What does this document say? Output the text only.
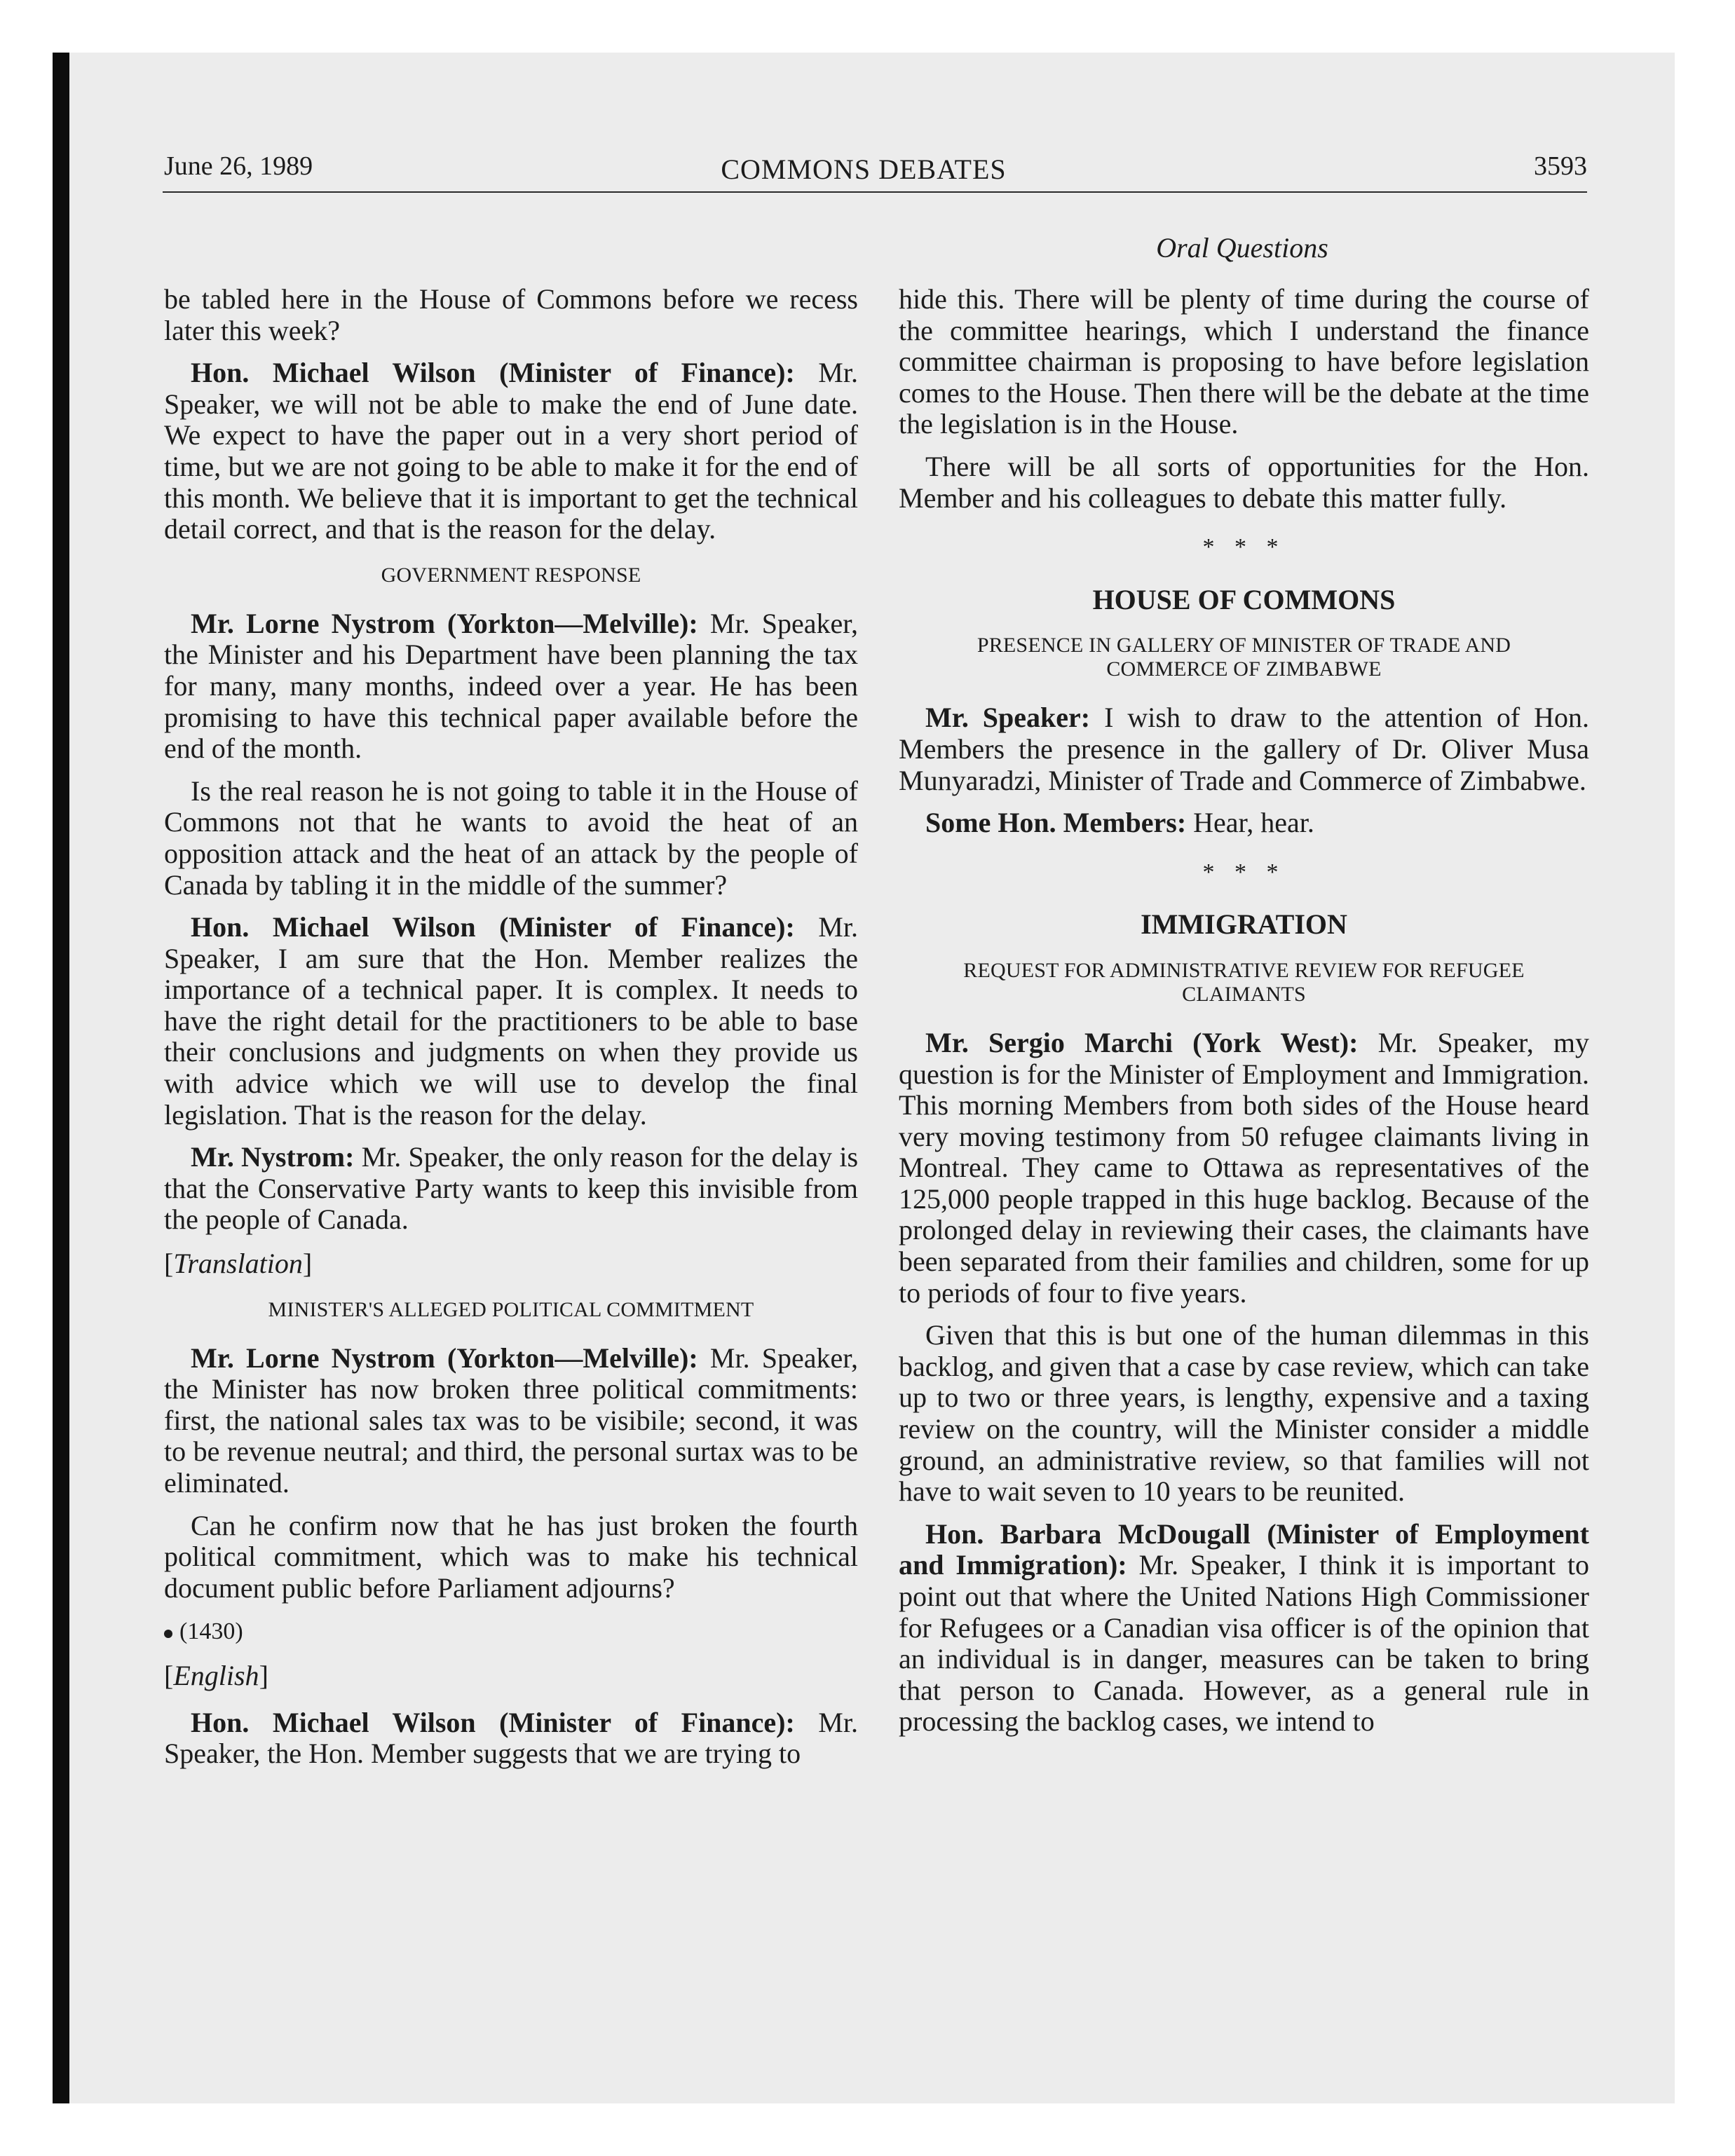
June 26, 1989	COMMONS DEBATES	3593
Oral Questions

be tabled here in the House of Commons before we recess later this week?

Hon. Michael Wilson (Minister of Finance): Mr. Speaker, we will not be able to make the end of June date. We expect to have the paper out in a very short period of time, but we are not going to be able to make it for the end of this month. We believe that it is important to get the technical detail correct, and that is the reason for the delay.

GOVERNMENT RESPONSE

Mr. Lorne Nystrom (Yorkton—Melville): Mr. Speaker, the Minister and his Department have been planning the tax for many, many months, indeed over a year. He has been promising to have this technical paper available before the end of the month.

Is the real reason he is not going to table it in the House of Commons not that he wants to avoid the heat of an opposition attack and the heat of an attack by the people of Canada by tabling it in the middle of the summer?

Hon. Michael Wilson (Minister of Finance): Mr. Speaker, I am sure that the Hon. Member realizes the importance of a technical paper. It is complex. It needs to have the right detail for the practitioners to be able to base their conclusions and judgments on when they provide us with advice which we will use to develop the final legislation. That is the reason for the delay.

Mr. Nystrom: Mr. Speaker, the only reason for the delay is that the Conservative Party wants to keep this invisible from the people of Canada.

[Translation]
MINISTER'S ALLEGED POLITICAL COMMITMENT

Mr. Lorne Nystrom (Yorkton—Melville): Mr. Speaker, the Minister has now broken three political commitments: first, the national sales tax was to be visibile; second, it was to be revenue neutral; and third, the personal surtax was to be eliminated.

Can he confirm now that he has just broken the fourth political commitment, which was to make his technical document public before Parliament adjourns?

(1430)
[English]

Hon. Michael Wilson (Minister of Finance): Mr. Speaker, the Hon. Member suggests that we are trying to

hide this. There will be plenty of time during the course of the committee hearings, which I understand the finance committee chairman is proposing to have before legislation comes to the House. Then there will be the debate at the time the legislation is in the House.

There will be all sorts of opportunities for the Hon. Member and his colleagues to debate this matter fully.

* * *
HOUSE OF COMMONS
PRESENCE IN GALLERY OF MINISTER OF TRADE AND COMMERCE OF ZIMBABWE

Mr. Speaker: I wish to draw to the attention of Hon. Members the presence in the gallery of Dr. Oliver Musa Munyaradzi, Minister of Trade and Commerce of Zimbabwe.

Some Hon. Members: Hear, hear.

* * *
IMMIGRATION
REQUEST FOR ADMINISTRATIVE REVIEW FOR REFUGEE CLAIMANTS

Mr. Sergio Marchi (York West): Mr. Speaker, my question is for the Minister of Employment and Immigration. This morning Members from both sides of the House heard very moving testimony from 50 refugee claimants living in Montreal. They came to Ottawa as representatives of the 125,000 people trapped in this huge backlog. Because of the prolonged delay in reviewing their cases, the claimants have been separated from their families and children, some for up to periods of four to five years.

Given that this is but one of the human dilemmas in this backlog, and given that a case by case review, which can take up to two or three years, is lengthy, expensive and a taxing review on the country, will the Minister consider a middle ground, an administrative review, so that families will not have to wait seven to 10 years to be reunited.

Hon. Barbara McDougall (Minister of Employment and Immigration): Mr. Speaker, I think it is important to point out that where the United Nations High Commissioner for Refugees or a Canadian visa officer is of the opinion that an individual is in danger, measures can be taken to bring that person to Canada. However, as a general rule in processing the backlog cases, we intend to
